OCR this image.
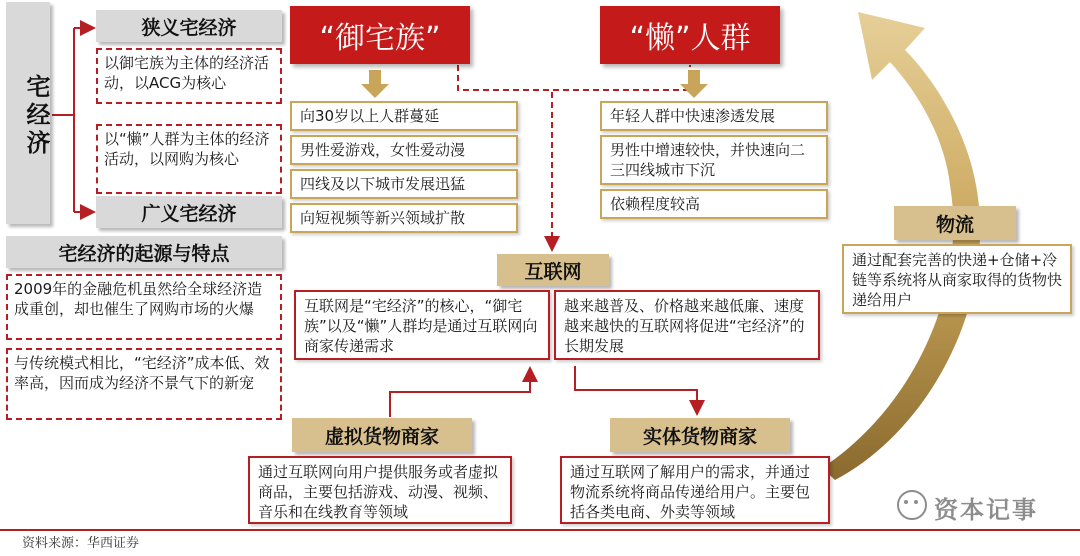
宅经济
狭义宅经济
以御宅族为主体的经济活动，以ACG为核心
以“懒”人群为主体的经济活动，以网购为核心
广义宅经济
宅经济的起源与特点
2009年的金融危机虽然给全球经济造成重创，却也催生了网购市场的火爆
与传统模式相比，“宅经济”成本低、效率高，因而成为经济不景气下的新宠
“御宅族”	“懒”人群
向30岁以上人群蔓延
男性爱游戏，女性爱动漫
四线及以下城市发展迅猛
向短视频等新兴领域扩散
年轻人群中快速渗透发展
男性中增速较快，并快速向二三四线城市下沉
依赖程度较高
互联网
互联网是“宅经济”的核心，“御宅族”以及“懒”人群均是通过互联网向商家传递需求
越来越普及、价格越来越低廉、速度越来越快的互联网将促进“宅经济”的长期发展
虚拟货物商家
通过互联网向用户提供服务或者虚拟商品，主要包括游戏、动漫、视频、音乐和在线教育等领域
实体货物商家
通过互联网了解用户的需求，并通过物流系统将商品传递给用户。主要包括各类电商、外卖等领域
物流
通过配套完善的快递+仓储+冷链等系统将从商家取得的货物快递给用户
资料来源：华西证券
资本记事
